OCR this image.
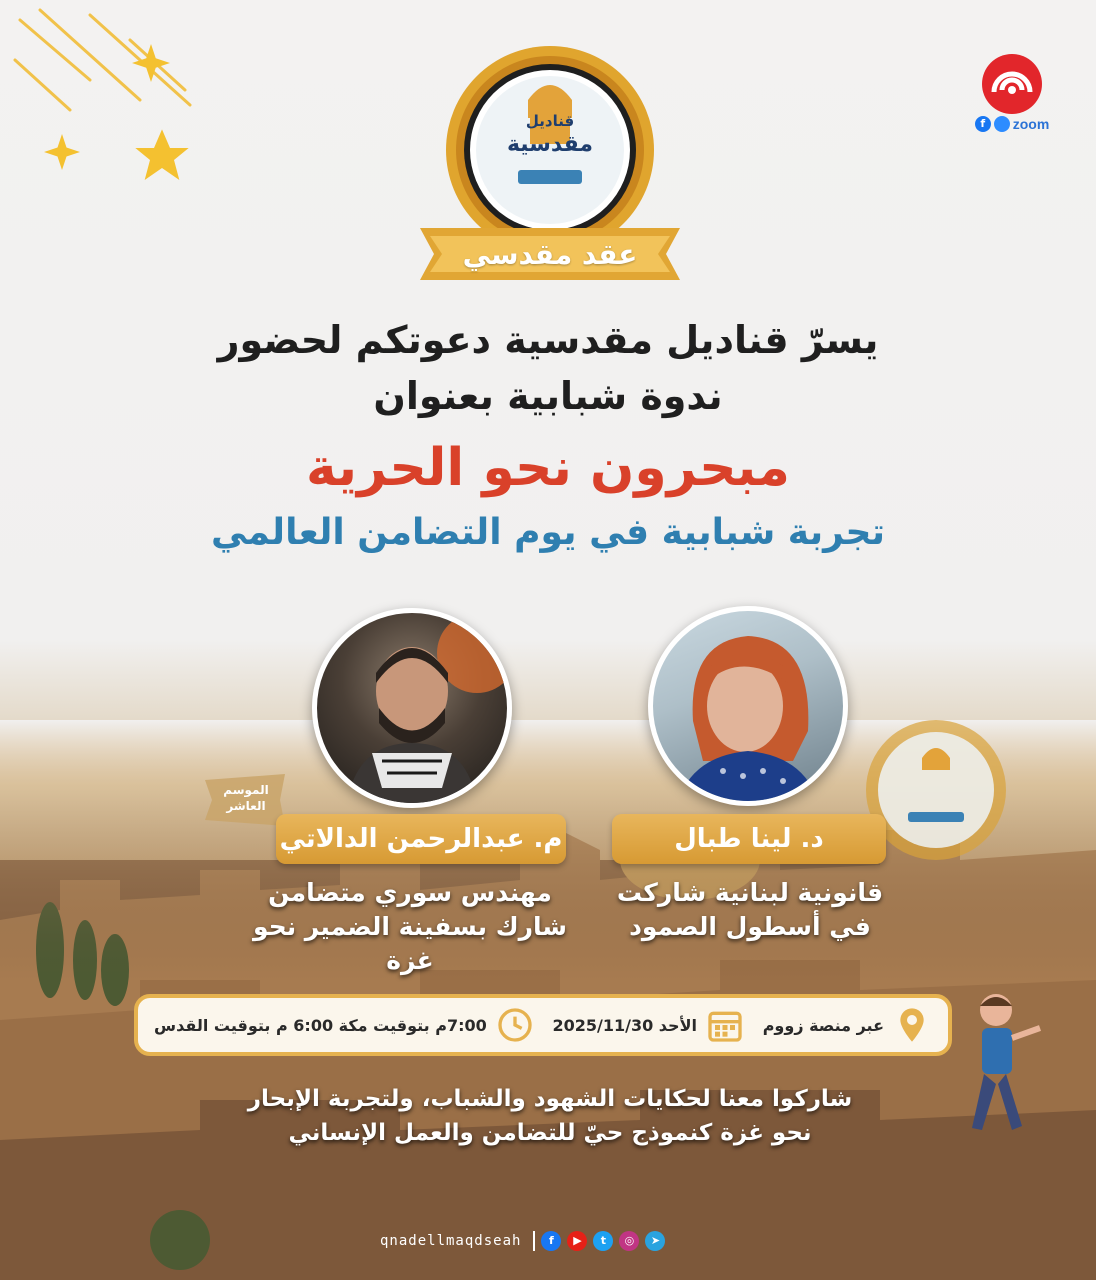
قناديل
مقدسية
عقد مقدسي
f	zoom
يسرّ قناديل مقدسية دعوتكم لحضور
ندوة شبابية بعنوان
مبحرون نحو الحرية
تجربة شبابية في يوم التضامن العالمي
الموسم
العاشر
م. عبدالرحمن الدالاتي	د. لينا طبال
مهندس سوري متضامن
شارك بسفينة الضمير نحو غزة
قانونية لبنانية شاركت
في أسطول الصمود
عبر منصة زووم
الأحد 2025/11/30
7:00م بتوقيت مكة 6:00 م بتوقيت القدس
شاركوا معنا لحكايات الشهود والشباب، ولتجربة الإبحار
نحو غزة كنموذج حيّ للتضامن والعمل الإنساني
qnadellmaqdseah	f	▶	t	◎	➤
